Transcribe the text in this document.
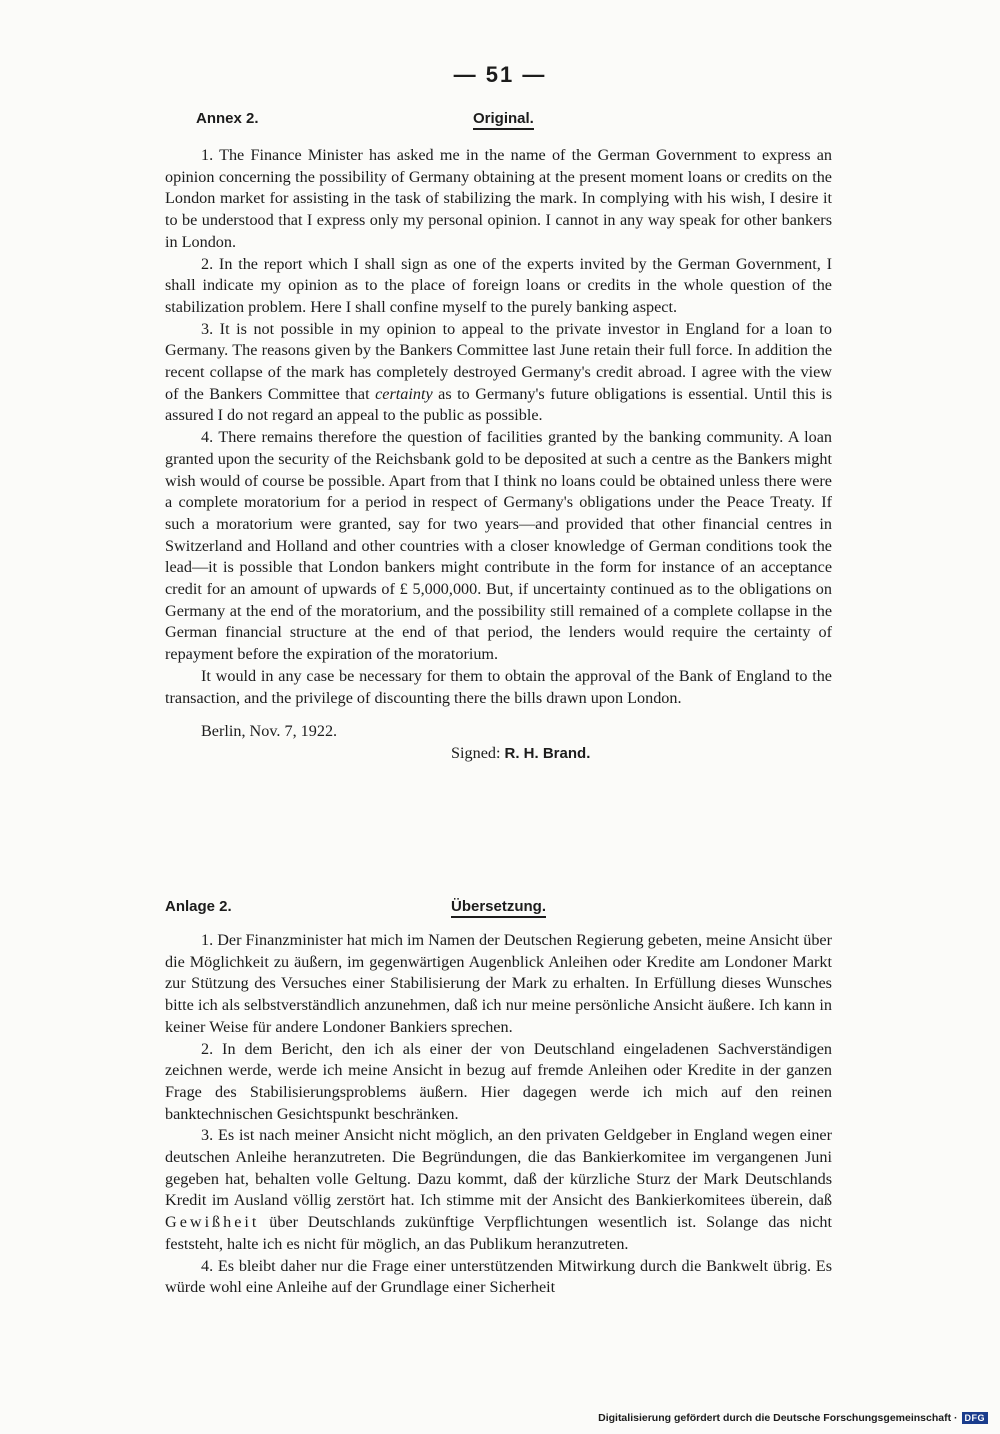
— 51 —
Annex 2.	Original.

1. The Finance Minister has asked me in the name of the German Government to express an opinion concerning the possibility of Germany obtaining at the present moment loans or credits on the London market for assisting in the task of stabilizing the mark. In complying with his wish, I desire it to be understood that I express only my personal opinion. I cannot in any way speak for other bankers in London.

2. In the report which I shall sign as one of the experts invited by the German Government, I shall indicate my opinion as to the place of foreign loans or credits in the whole question of the stabilization problem. Here I shall confine myself to the purely banking aspect.

3. It is not possible in my opinion to appeal to the private investor in England for a loan to Germany. The reasons given by the Bankers Committee last June retain their full force. In addition the recent collapse of the mark has completely destroyed Germany's credit abroad. I agree with the view of the Bankers Committee that certainty as to Germany's future obligations is essential. Until this is assured I do not regard an appeal to the public as possible.

4. There remains therefore the question of facilities granted by the banking community. A loan granted upon the security of the Reichsbank gold to be deposited at such a centre as the Bankers might wish would of course be possible. Apart from that I think no loans could be obtained unless there were a complete moratorium for a period in respect of Germany's obligations under the Peace Treaty. If such a moratorium were granted, say for two years—and provided that other financial centres in Switzerland and Holland and other countries with a closer knowledge of German conditions took the lead—it is possible that London bankers might contribute in the form for instance of an acceptance credit for an amount of upwards of £ 5,000,000. But, if uncertainty continued as to the obligations on Germany at the end of the moratorium, and the possibility still remained of a complete collapse in the German financial structure at the end of that period, the lenders would require the certainty of repayment before the expiration of the moratorium.

It would in any case be necessary for them to obtain the approval of the Bank of England to the transaction, and the privilege of discounting there the bills drawn upon London.

Berlin, Nov. 7, 1922.

Signed: R. H. Brand.

Anlage 2.	Übersetzung.

1. Der Finanzminister hat mich im Namen der Deutschen Regierung gebeten, meine Ansicht über die Möglichkeit zu äußern, im gegenwärtigen Augenblick Anleihen oder Kredite am Londoner Markt zur Stützung des Versuches einer Stabilisierung der Mark zu erhalten. In Erfüllung dieses Wunsches bitte ich als selbstverständlich anzunehmen, daß ich nur meine persönliche Ansicht äußere. Ich kann in keiner Weise für andere Londoner Bankiers sprechen.

2. In dem Bericht, den ich als einer der von Deutschland eingeladenen Sachverständigen zeichnen werde, werde ich meine Ansicht in bezug auf fremde Anleihen oder Kredite in der ganzen Frage des Stabilisierungsproblems äußern. Hier dagegen werde ich mich auf den reinen banktechnischen Gesichtspunkt beschränken.

3. Es ist nach meiner Ansicht nicht möglich, an den privaten Geldgeber in England wegen einer deutschen Anleihe heranzutreten. Die Begründungen, die das Bankierkomitee im vergangenen Juni gegeben hat, behalten volle Geltung. Dazu kommt, daß der kürzliche Sturz der Mark Deutschlands Kredit im Ausland völlig zerstört hat. Ich stimme mit der Ansicht des Bankierkomitees überein, daß Gewißheit über Deutschlands zukünftige Verpflichtungen wesentlich ist. Solange das nicht feststeht, halte ich es nicht für möglich, an das Publikum heranzutreten.

4. Es bleibt daher nur die Frage einer unterstützenden Mitwirkung durch die Bankwelt übrig. Es würde wohl eine Anleihe auf der Grundlage einer Sicherheit

Digitalisierung gefördert durch die Deutsche Forschungsgemeinschaft · DFG
